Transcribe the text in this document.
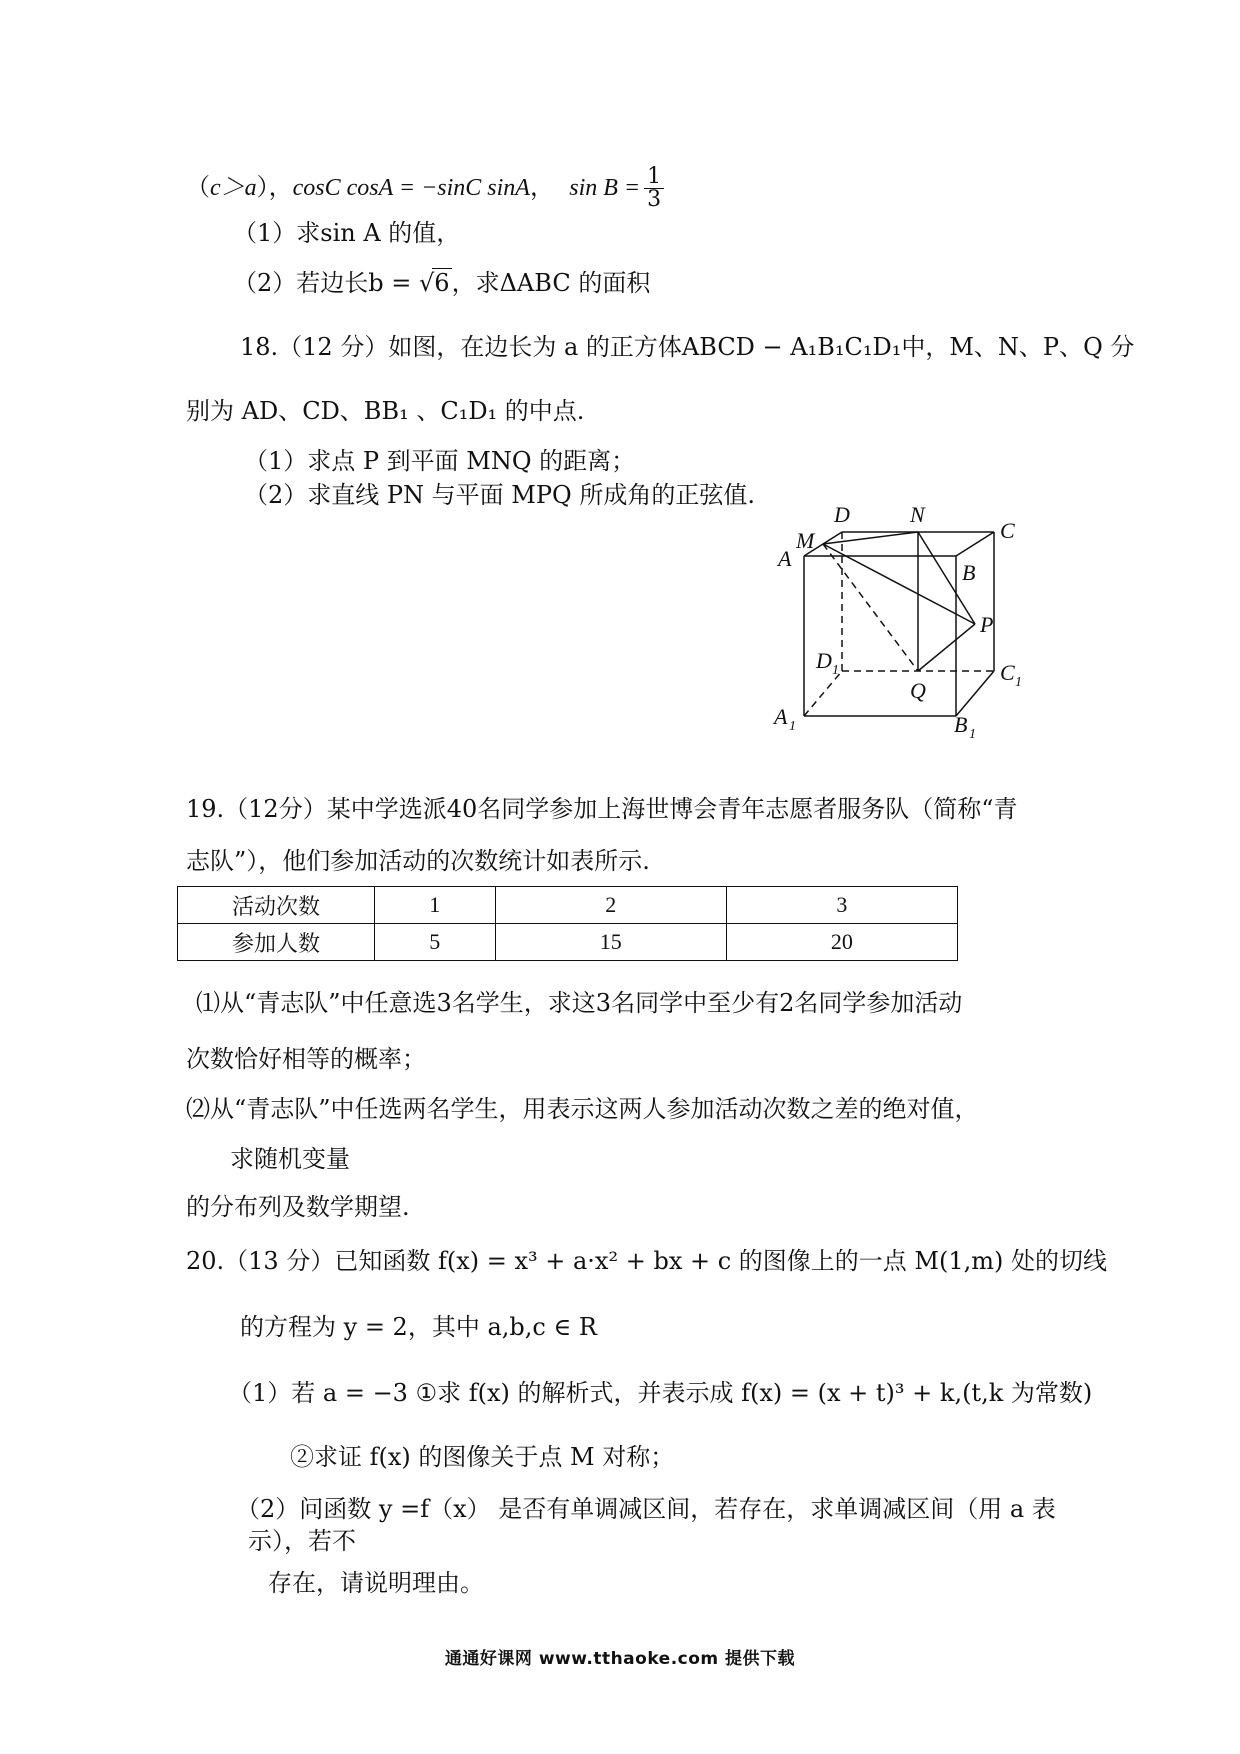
（c＞a），cosC cosA = −sinC sinA，  $\sin B = \frac{1}{3}$
（1）求sin A 的值，
（2）若边长b = √6，求ΔABC 的面积
18.（12 分）如图，在边长为 a 的正方体ABCD − A₁B₁C₁D₁中，M、N、P、Q 分
别为 AD、CD、BB₁ 、C₁D₁ 的中点.
（1）求点 P 到平面 MNQ 的距离；
（2）求直线 PN 与平面 MPQ 所成角的正弦值.
D	N
C
M
A
B
P
D 1	C 1
Q
A 1	B 1
19.（12分）某中学选派40名同学参加上海世博会青年志愿者服务队（简称“青
志队”），他们参加活动的次数统计如表所示.
活动次数	1	2	3
参加人数	5	15	20
⑴从“青志队”中任意选3名学生，求这3名同学中至少有2名同学参加活动
次数恰好相等的概率；
⑵从“青志队”中任选两名学生，用表示这两人参加活动次数之差的绝对值，
求随机变量
的分布列及数学期望.
20.（13 分）已知函数 f(x) = x³ + a·x² + bx + c 的图像上的一点 M(1,m) 处的切线
的方程为 y = 2，其中 a,b,c ∈ R
（1）若 a = −3 ①求 f(x) 的解析式，并表示成 f(x) = (x + t)³ + k,(t,k 为常数)
②求证 f(x) 的图像关于点 M 对称；
（2）问函数 y =f（x） 是否有单调减区间，若存在，求单调减区间（用 a 表
示），若不
存在，请说明理由。
通通好课网 www.tthaoke.com 提供下载
